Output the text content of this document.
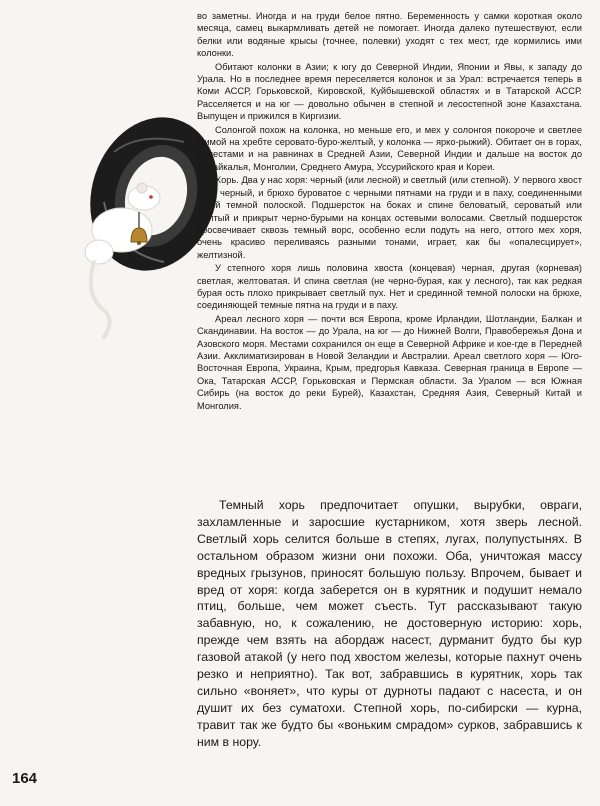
во заметны. Иногда и на груди белое пятно. Беременность у самки короткая около месяца, самец выкармливать детей не помогает. Иногда далеко путешествуют, если белки или водяные крысы (точнее, полевки) уходят с тех мест, где кормились ими колонки.

Обитают колонки в Азии; к югу до Северной Индии, Японии и Явы, к западу до Урала. Но в последнее время переселяется колонок и за Урал: встречается теперь в Коми АССР, Горьковской, Кировской, Куйбышевской областях и в Татарской АССР. Расселяется и на юг — довольно обычен в степной и лесостепной зоне Казахстана. Выпущен и прижился в Киргизии.

Солонгой похож на колонка, но меньше его, и мех у солонгоя покороче и светлее (зимой на хребте серовато-буро-желтый, у колонка — ярко-рыжий). Обитает он в горах, а местами и на равнинах в Средней Азии, Северной Индии и дальше на восток до Забайкалья, Монголии, Среднего Амура, Уссурийского края и Кореи.

Хорь. Два у нас хоря: черный (или лесной) и светлый (или степной). У первого хвост весь черный, и брюхо буроватое с черными пятнами на груди и в паху, соединенными узкой темной полоской. Подшерсток на боках и спине беловатый, сероватый или желтый и прикрыт черно-бурыми на концах остевыми волосами. Светлый подшерсток просвечивает сквозь темный ворс, особенно если подуть на него, оттого мех хоря, очень красиво переливаясь разными тонами, играет, как бы «опалесцирует», желтизной.

У степного хоря лишь половина хвоста (концевая) черная, другая (корневая) светлая, желтоватая. И спина светлая (не черно-бурая, как у лесного), так как редкая бурая ость плохо прикрывает светлый пух. Нет и срединной темной полоски на брюхе, соединяющей темные пятна на груди и в паху.

Ареал лесного хоря — почти вся Европа, кроме Ирландии, Шотландии, Балкан и Скандинавии. На восток — до Урала, на юг — до Нижней Волги, Правобережья Дона и Азовского моря. Местами сохранился он еще в Северной Африке и кое-где в Передней Азии. Акклиматизирован в Новой Зеландии и Австралии. Ареал светлого хоря — Юго-Восточная Европа, Украина, Крым, предгорья Кавказа. Северная граница в Европе — Ока, Татарская АССР, Горьковская и Пермская области. За Уралом — вся Южная Сибирь (на восток до реки Бурей), Казахстан, Средняя Азия, Северный Китай и Монголия.

Темный хорь предпочитает опушки, вырубки, овраги, захламленные и заросшие кустарником, хотя зверь лесной. Светлый хорь селится больше в степях, лугах, полупустынях. В остальном образом жизни они похожи. Оба, уничтожая массу вредных грызунов, приносят большую пользу. Впрочем, бывает и вред от хоря: когда заберется он в курятник и подушит немало птиц, больше, чем может съесть. Тут рассказывают такую забавную, но, к сожалению, не достоверную историю: хорь, прежде чем взять на абордаж насест, дурманит будто бы кур газовой атакой (у него под хвостом железы, которые пахнут очень резко и неприятно). Так вот, забравшись в курятник, хорь так сильно «воняет», что куры от дурноты падают с насеста, и он душит их без суматохи. Степной хорь, по-сибирски — курна, травит так же будто бы «воньким смрадом» сурков, забравшись к ним в нору.

164
